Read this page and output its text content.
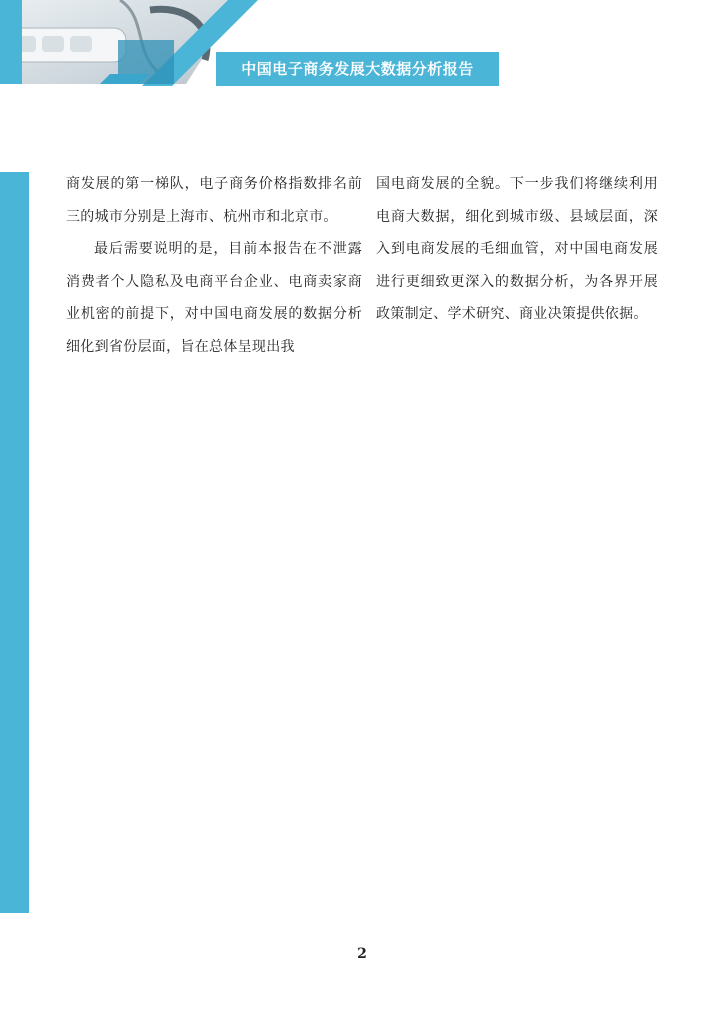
中国电子商务发展大数据分析报告

商发展的第一梯队，电子商务价格指数排名前三的城市分别是上海市、杭州市和北京市。

最后需要说明的是，目前本报告在不泄露消费者个人隐私及电商平台企业、电商卖家商业机密的前提下，对中国电商发展的数据分析细化到省份层面，旨在总体呈现出我

国电商发展的全貌。下一步我们将继续利用电商大数据，细化到城市级、县域层面，深入到电商发展的毛细血管，对中国电商发展进行更细致更深入的数据分析，为各界开展政策制定、学术研究、商业决策提供依据。

2
